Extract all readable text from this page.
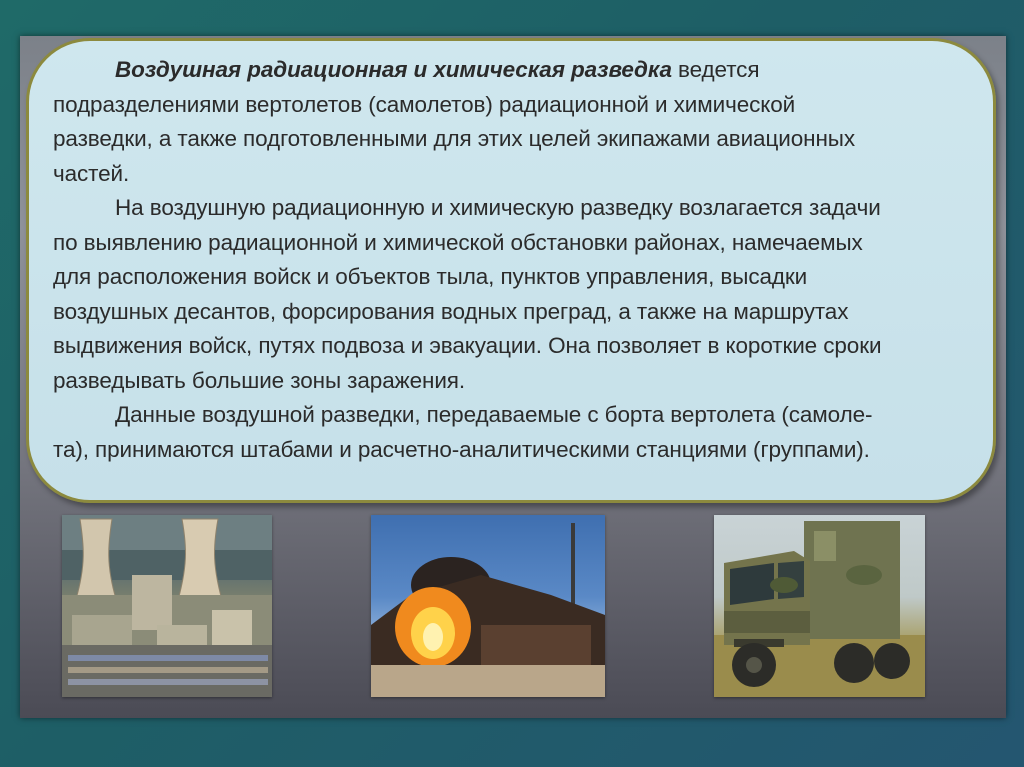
Воздушная радиационная и химическая разведка ведется
подразделениями вертолетов (самолетов) радиационной и химической
разведки, а также подготовленными для этих целей экипажами авиационных
частей.

На воздушную радиационную и химическую разведку возлагается задачи
по выявлению радиационной и химической обстановки районах, намечаемых
для расположения войск и объектов тыла, пунктов управления, высадки
воздушных десантов, форсирования водных преград, а также на маршрутах
выдвижения войск, путях подвоза и эвакуации. Она позволяет в короткие сроки
разведывать большие зоны заражения.

Данные воздушной разведки, передаваемые с борта вертолета (самоле-
та), принимаются штабами и расчетно-аналитическими станциями (группами).
